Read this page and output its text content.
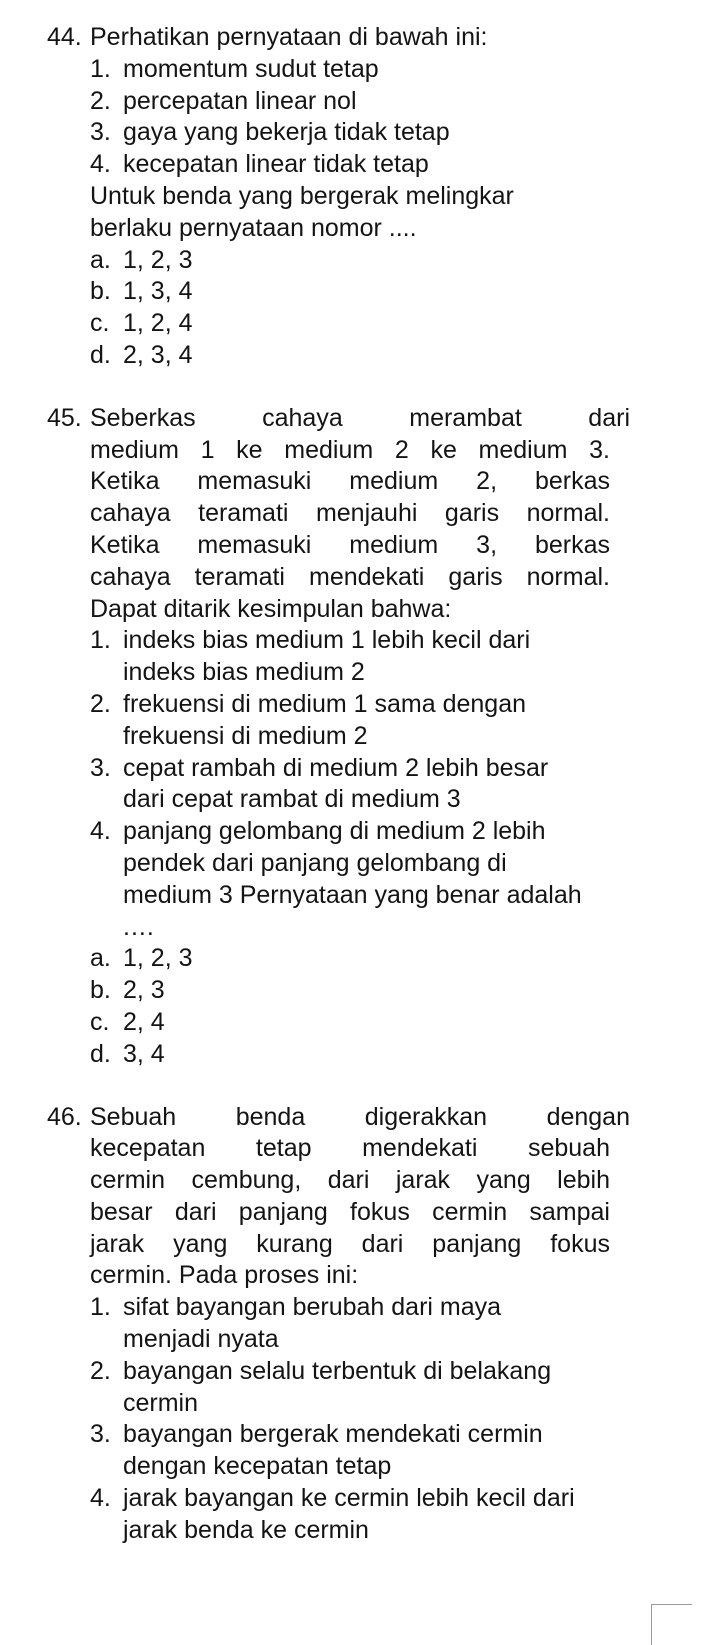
44. Perhatikan pernyataan di bawah ini:
1. momentum sudut tetap
2. percepatan linear nol
3. gaya yang bekerja tidak tetap
4. kecepatan linear tidak tetap
Untuk benda yang bergerak melingkar
berlaku pernyataan nomor ....
a. 1, 2, 3
b. 1, 3, 4
c. 1, 2, 4
d. 2, 3, 4
45. Seberkas cahaya merambat dari
medium 1 ke medium 2 ke medium 3.
Ketika memasuki medium 2, berkas
cahaya teramati menjauhi garis normal.
Ketika memasuki medium 3, berkas
cahaya teramati mendekati garis normal.
Dapat ditarik kesimpulan bahwa:
1. indeks bias medium 1 lebih kecil dari
indeks bias medium 2
2. frekuensi di medium 1 sama dengan
frekuensi di medium 2
3. cepat rambah di medium 2 lebih besar
dari cepat rambat di medium 3
4. panjang gelombang di medium 2 lebih
pendek dari panjang gelombang di
medium 3 Pernyataan yang benar adalah
....
a. 1, 2, 3
b. 2, 3
c. 2, 4
d. 3, 4
46. Sebuah benda digerakkan dengan
kecepatan tetap mendekati sebuah
cermin cembung, dari jarak yang lebih
besar dari panjang fokus cermin sampai
jarak yang kurang dari panjang fokus
cermin. Pada proses ini:
1. sifat bayangan berubah dari maya
menjadi nyata
2. bayangan selalu terbentuk di belakang
cermin
3. bayangan bergerak mendekati cermin
dengan kecepatan tetap
4. jarak bayangan ke cermin lebih kecil dari
jarak benda ke cermin
